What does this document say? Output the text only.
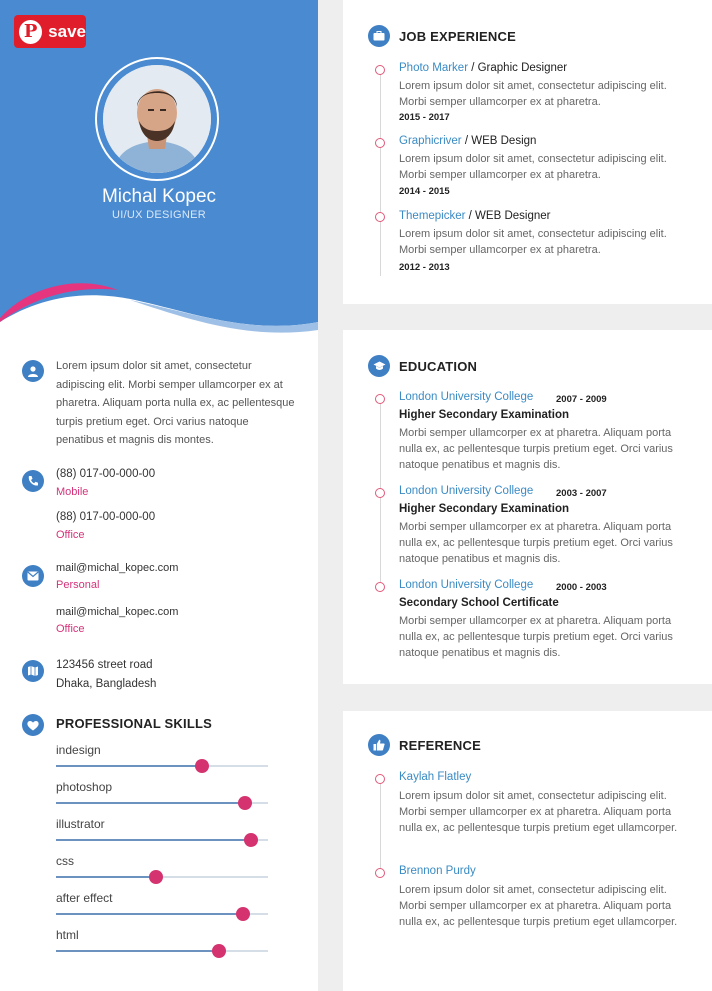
P save
Michal Kopec
UI/UX DESIGNER
Lorem ipsum dolor sit amet, consectetur adipiscing elit. Morbi semper ullamcorper ex at pharetra. Aliquam porta nulla ex, ac pellentesque turpis pretium eget. Orci varius natoque penatibus et magnis dis montes.
(88) 017-00-000-00
Mobile
(88) 017-00-000-00
Office
mail@michal_kopec.com
Personal
mail@michal_kopec.com
Office
123456 street road
Dhaka, Bangladesh
PROFESSIONAL SKILLS
indesign
photoshop
illustrator
css
after effect
html
JOB EXPERIENCE
Photo Marker / Graphic Designer
Lorem ipsum dolor sit amet, consectetur adipiscing elit. Morbi semper ullamcorper ex at pharetra.
2015 - 2017
Graphicriver / WEB Design
Lorem ipsum dolor sit amet, consectetur adipiscing elit. Morbi semper ullamcorper ex at pharetra.
2014 - 2015
Themepicker / WEB Designer
Lorem ipsum dolor sit amet, consectetur adipiscing elit. Morbi semper ullamcorper ex at pharetra.
2012 - 2013
EDUCATION
London University College 2007 - 2009
Higher Secondary Examination
Morbi semper ullamcorper ex at pharetra. Aliquam porta nulla ex, ac pellentesque turpis pretium eget. Orci varius natoque penatibus et magnis dis.
London University College 2003 - 2007
Higher Secondary Examination
Morbi semper ullamcorper ex at pharetra. Aliquam porta nulla ex, ac pellentesque turpis pretium eget. Orci varius natoque penatibus et magnis dis.
London University College 2000 - 2003
Secondary School Certificate
Morbi semper ullamcorper ex at pharetra. Aliquam porta nulla ex, ac pellentesque turpis pretium eget. Orci varius natoque penatibus et magnis dis.
REFERENCE
Kaylah Flatley
Lorem ipsum dolor sit amet, consectetur adipiscing elit. Morbi semper ullamcorper ex at pharetra. Aliquam porta nulla ex, ac pellentesque turpis pretium eget ullamcorper.
Brennon Purdy
Lorem ipsum dolor sit amet, consectetur adipiscing elit. Morbi semper ullamcorper ex at pharetra. Aliquam porta nulla ex, ac pellentesque turpis pretium eget ullamcorper.
